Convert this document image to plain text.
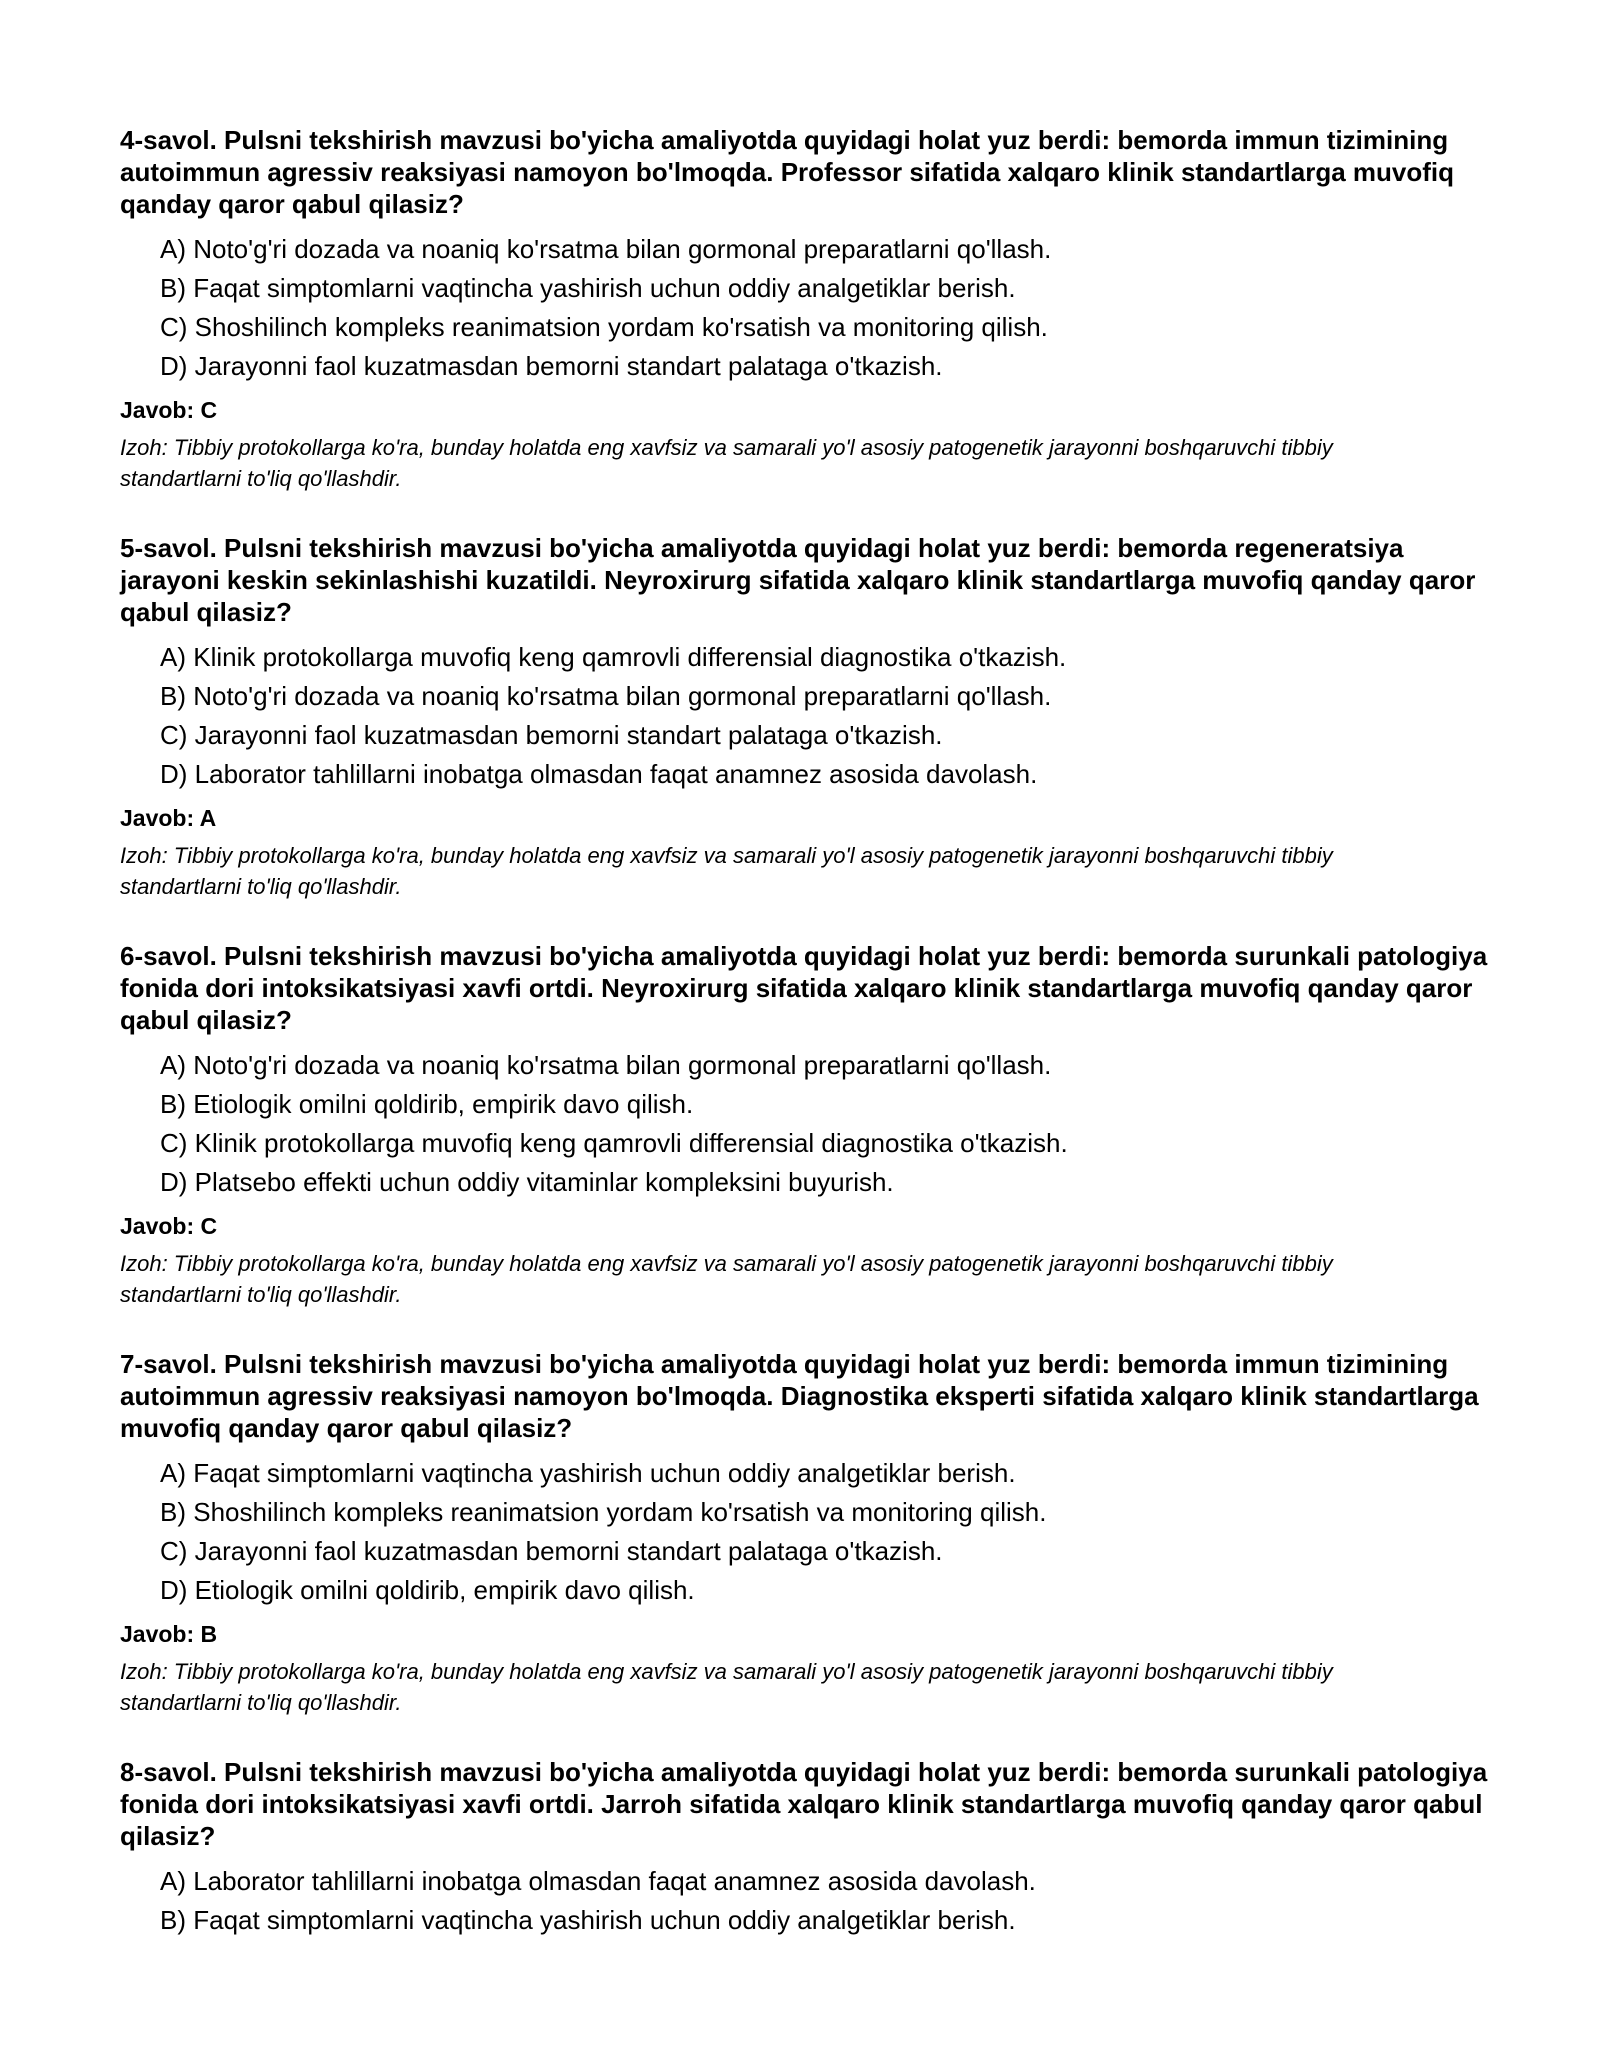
4-savol. Pulsni tekshirish mavzusi bo'yicha amaliyotda quyidagi holat yuz berdi: bemorda immun tizimining autoimmun agressiv reaksiyasi namoyon bo'lmoqda. Professor sifatida xalqaro klinik standartlarga muvofiq qanday qaror qabul qilasiz?
A) Noto'g'ri dozada va noaniq ko'rsatma bilan gormonal preparatlarni qo'llash.
B) Faqat simptomlarni vaqtincha yashirish uchun oddiy analgetiklar berish.
C) Shoshilinch kompleks reanimatsion yordam ko'rsatish va monitoring qilish.
D) Jarayonni faol kuzatmasdan bemorni standart palataga o'tkazish.
Javob: C
Izoh: Tibbiy protokollarga ko'ra, bunday holatda eng xavfsiz va samarali yo'l asosiy patogenetik jarayonni boshqaruvchi tibbiy standartlarni to'liq qo'llashdir.
5-savol. Pulsni tekshirish mavzusi bo'yicha amaliyotda quyidagi holat yuz berdi: bemorda regeneratsiya jarayoni keskin sekinlashishi kuzatildi. Neyroxirurg sifatida xalqaro klinik standartlarga muvofiq qanday qaror qabul qilasiz?
A) Klinik protokollarga muvofiq keng qamrovli differensial diagnostika o'tkazish.
B) Noto'g'ri dozada va noaniq ko'rsatma bilan gormonal preparatlarni qo'llash.
C) Jarayonni faol kuzatmasdan bemorni standart palataga o'tkazish.
D) Laborator tahlillarni inobatga olmasdan faqat anamnez asosida davolash.
Javob: A
Izoh: Tibbiy protokollarga ko'ra, bunday holatda eng xavfsiz va samarali yo'l asosiy patogenetik jarayonni boshqaruvchi tibbiy standartlarni to'liq qo'llashdir.
6-savol. Pulsni tekshirish mavzusi bo'yicha amaliyotda quyidagi holat yuz berdi: bemorda surunkali patologiya fonida dori intoksikatsiyasi xavfi ortdi. Neyroxirurg sifatida xalqaro klinik standartlarga muvofiq qanday qaror qabul qilasiz?
A) Noto'g'ri dozada va noaniq ko'rsatma bilan gormonal preparatlarni qo'llash.
B) Etiologik omilni qoldirib, empirik davo qilish.
C) Klinik protokollarga muvofiq keng qamrovli differensial diagnostika o'tkazish.
D) Platsebo effekti uchun oddiy vitaminlar kompleksini buyurish.
Javob: C
Izoh: Tibbiy protokollarga ko'ra, bunday holatda eng xavfsiz va samarali yo'l asosiy patogenetik jarayonni boshqaruvchi tibbiy standartlarni to'liq qo'llashdir.
7-savol. Pulsni tekshirish mavzusi bo'yicha amaliyotda quyidagi holat yuz berdi: bemorda immun tizimining autoimmun agressiv reaksiyasi namoyon bo'lmoqda. Diagnostika eksperti sifatida xalqaro klinik standartlarga muvofiq qanday qaror qabul qilasiz?
A) Faqat simptomlarni vaqtincha yashirish uchun oddiy analgetiklar berish.
B) Shoshilinch kompleks reanimatsion yordam ko'rsatish va monitoring qilish.
C) Jarayonni faol kuzatmasdan bemorni standart palataga o'tkazish.
D) Etiologik omilni qoldirib, empirik davo qilish.
Javob: B
Izoh: Tibbiy protokollarga ko'ra, bunday holatda eng xavfsiz va samarali yo'l asosiy patogenetik jarayonni boshqaruvchi tibbiy standartlarni to'liq qo'llashdir.
8-savol. Pulsni tekshirish mavzusi bo'yicha amaliyotda quyidagi holat yuz berdi: bemorda surunkali patologiya fonida dori intoksikatsiyasi xavfi ortdi. Jarroh sifatida xalqaro klinik standartlarga muvofiq qanday qaror qabul qilasiz?
A) Laborator tahlillarni inobatga olmasdan faqat anamnez asosida davolash.
B) Faqat simptomlarni vaqtincha yashirish uchun oddiy analgetiklar berish.
